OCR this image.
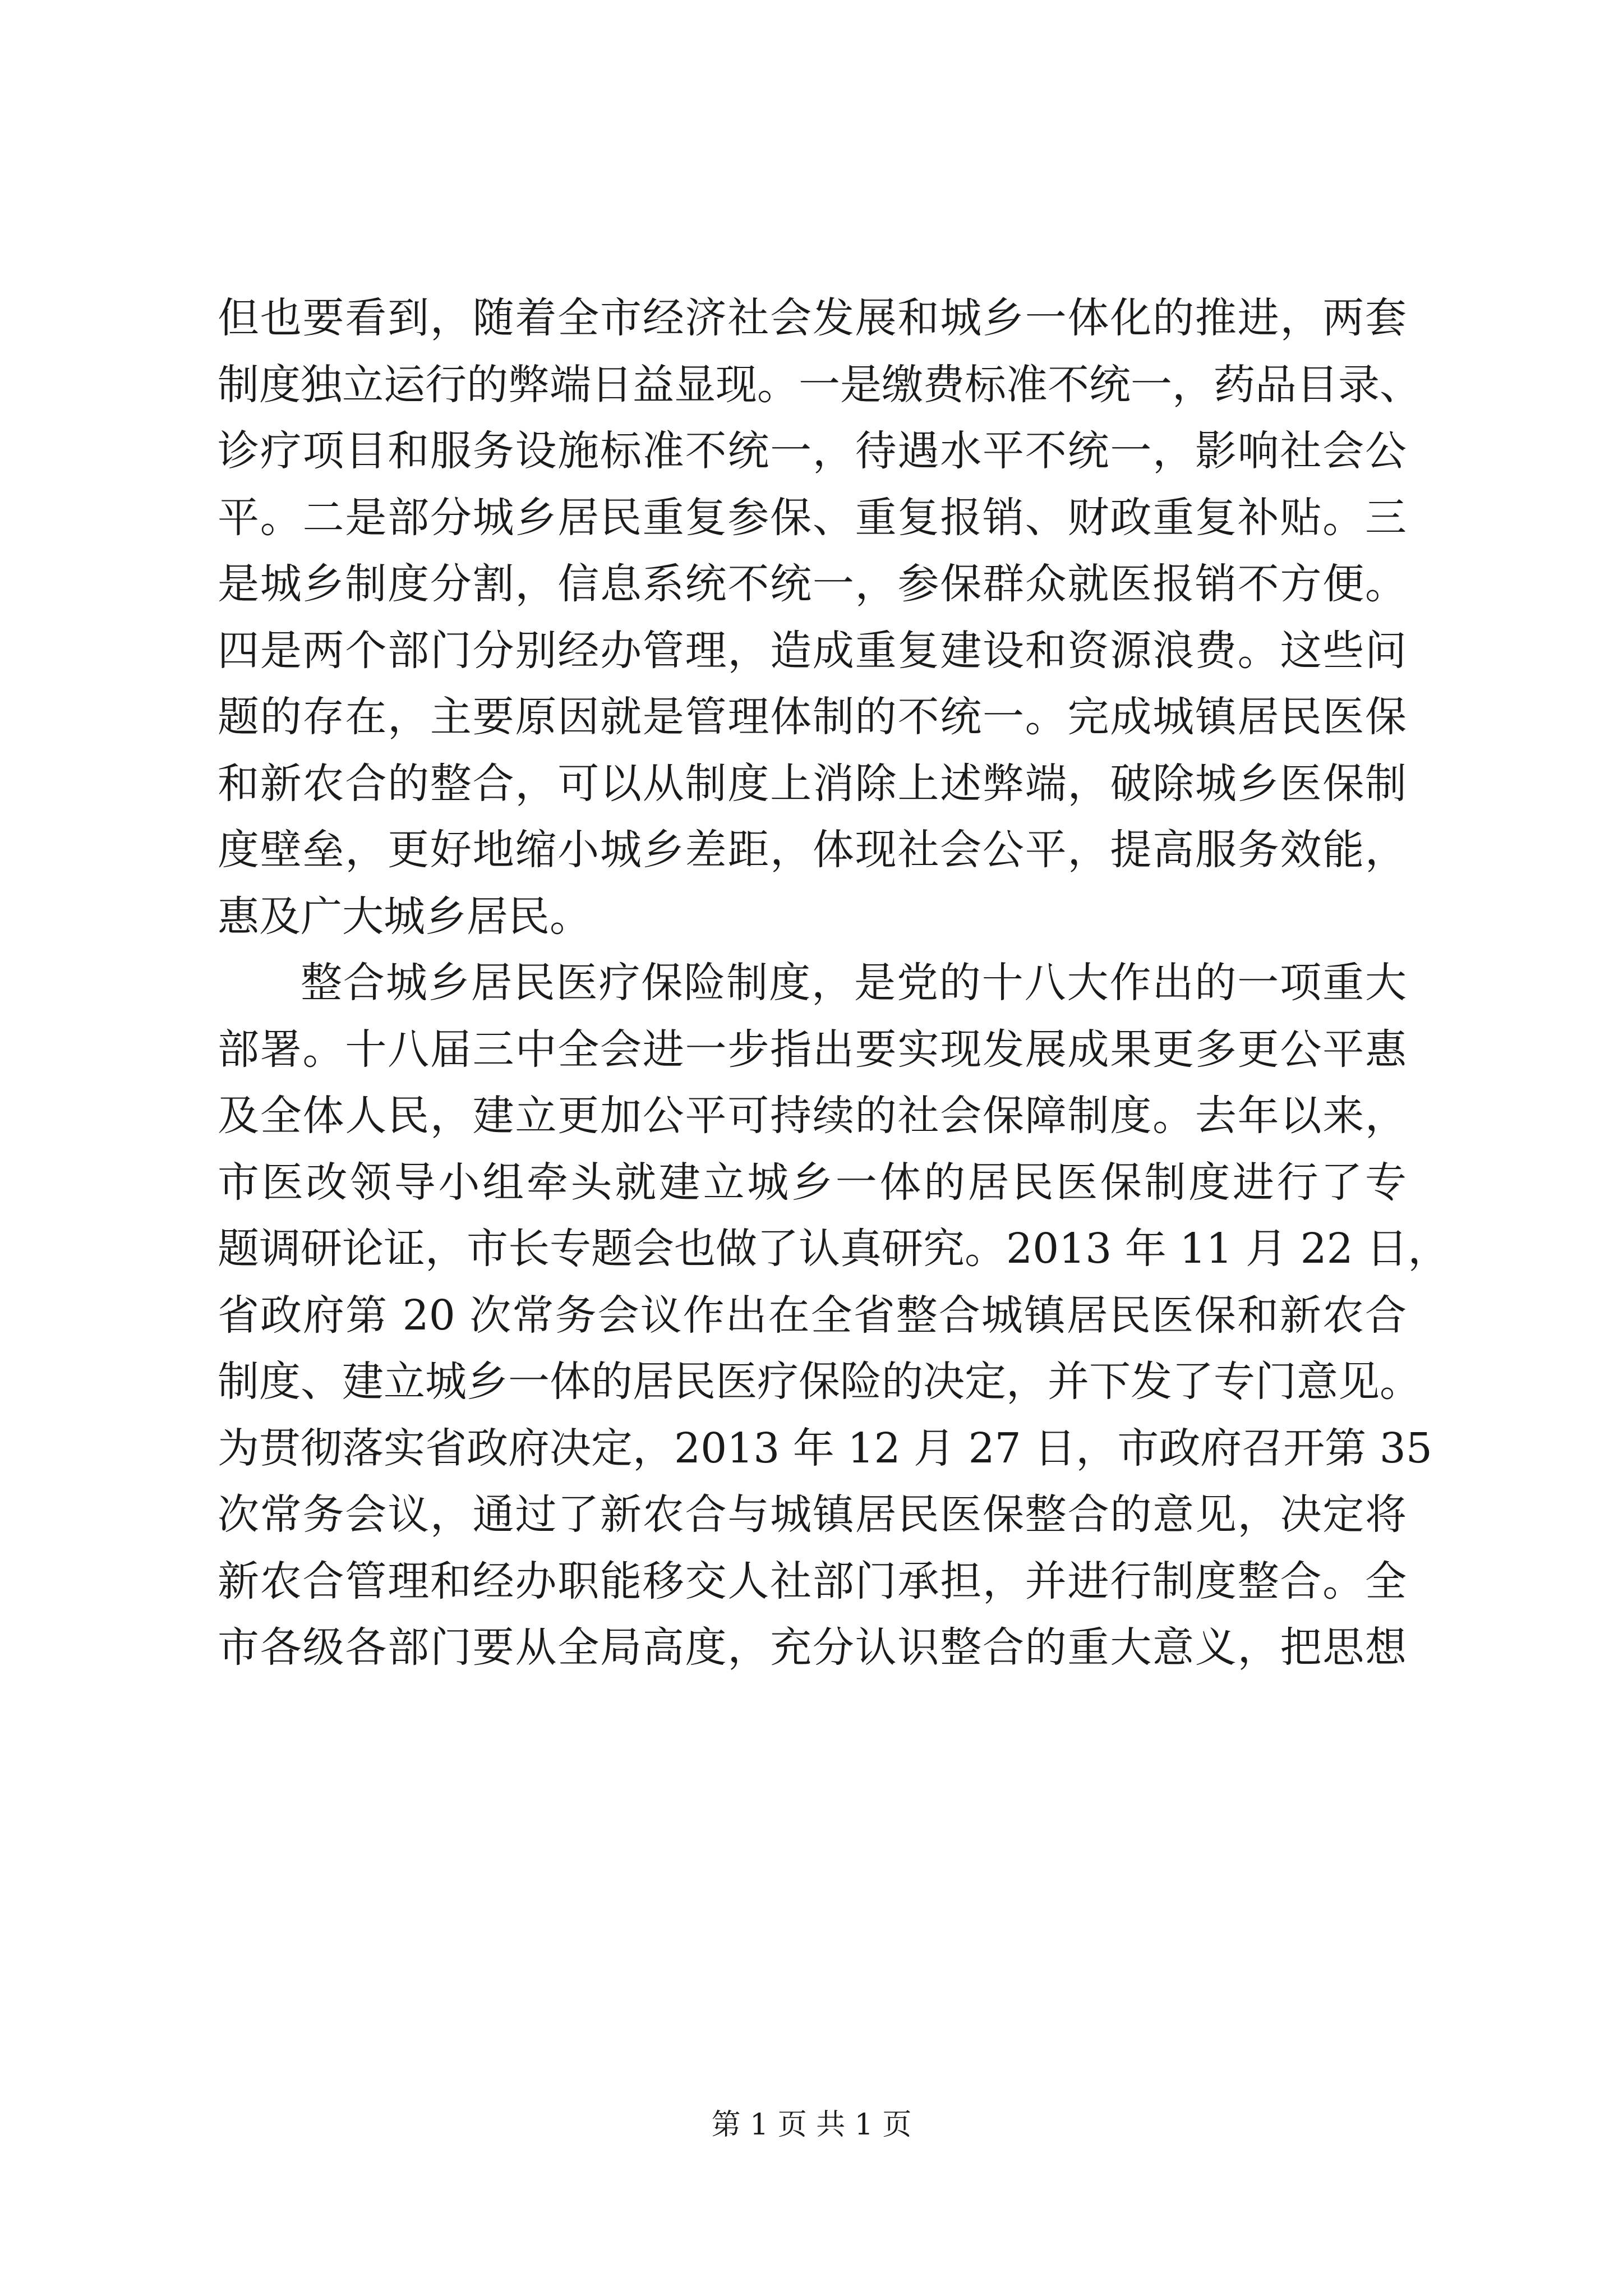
但也要看到，随着全市经济社会发展和城乡一体化的推进，两套
制度独立运行的弊端日益显现。一是缴费标准不统一，药品目录、
诊疗项目和服务设施标准不统一，待遇水平不统一，影响社会公
平。二是部分城乡居民重复参保、重复报销、财政重复补贴。三
是城乡制度分割，信息系统不统一，参保群众就医报销不方便。
四是两个部门分别经办管理，造成重复建设和资源浪费。这些问
题的存在，主要原因就是管理体制的不统一。完成城镇居民医保
和新农合的整合，可以从制度上消除上述弊端，破除城乡医保制
度壁垒，更好地缩小城乡差距，体现社会公平，提高服务效能，
惠及广大城乡居民。
整合城乡居民医疗保险制度，是党的十八大作出的一项重大
部署。十八届三中全会进一步指出要实现发展成果更多更公平惠
及全体人民，建立更加公平可持续的社会保障制度。去年以来，
市医改领导小组牵头就建立城乡一体的居民医保制度进行了专
题调研论证，市长专题会也做了认真研究。2013 年 11 月 22 日，
省政府第 20 次常务会议作出在全省整合城镇居民医保和新农合
制度、建立城乡一体的居民医疗保险的决定，并下发了专门意见。
为贯彻落实省政府决定，2013 年 12 月 27 日，市政府召开第 35
次常务会议，通过了新农合与城镇居民医保整合的意见，决定将
新农合管理和经办职能移交人社部门承担，并进行制度整合。全
市各级各部门要从全局高度，充分认识整合的重大意义，把思想
第 1 页 共 1 页
